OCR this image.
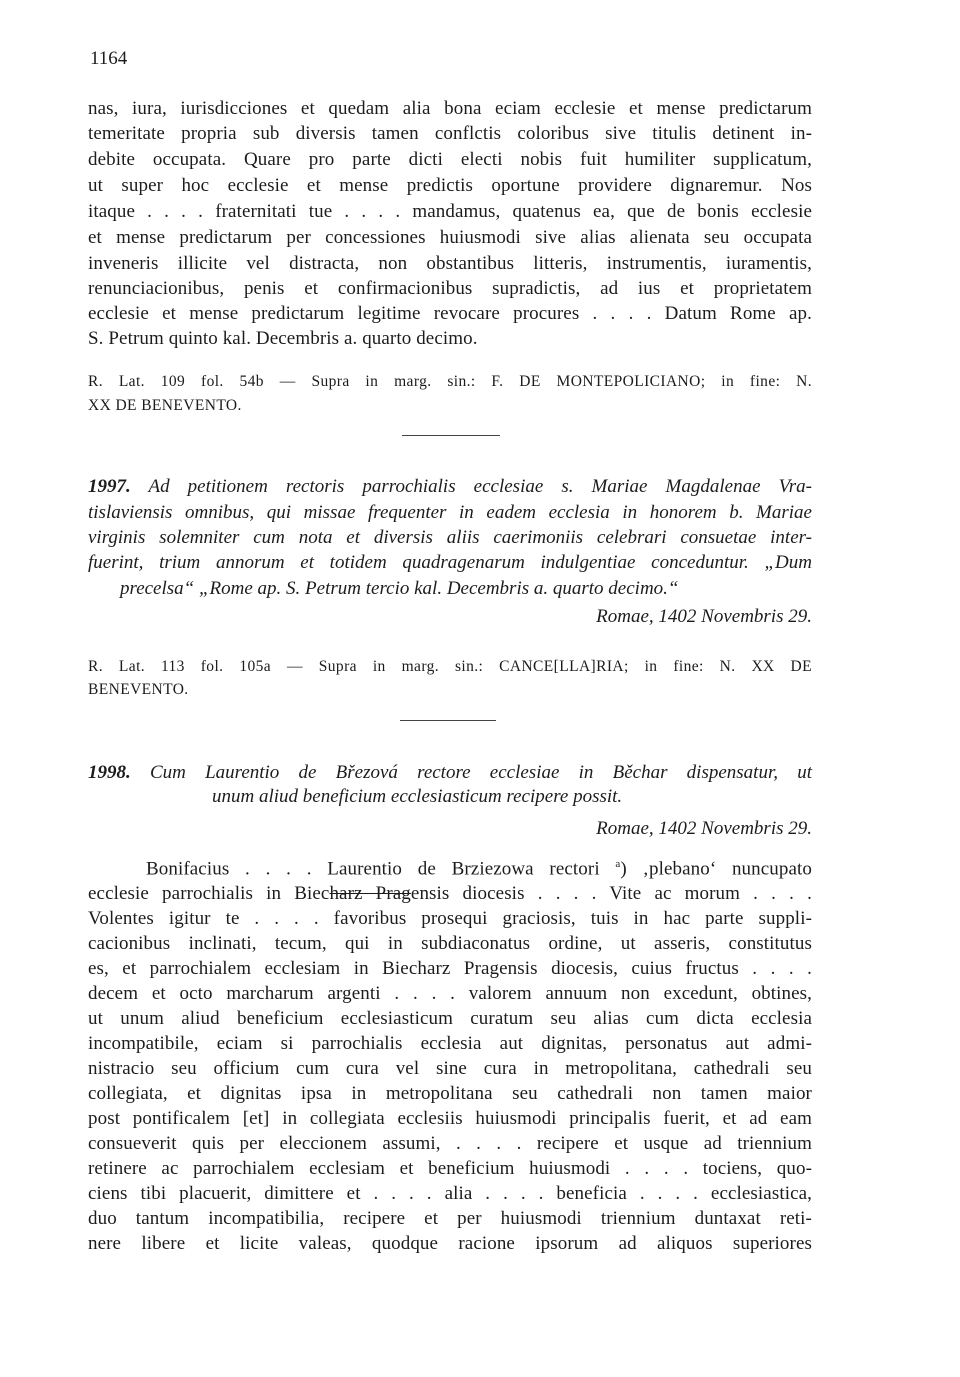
1164
nas, iura, iurisdicciones et quedam alia bona eciam ecclesie et mense predictarum
temeritate propria sub diversis tamen conflctis coloribus sive titulis detinent in-
debite occupata. Quare pro parte dicti electi nobis fuit humiliter supplicatum,
ut super hoc ecclesie et mense predictis oportune providere dignaremur. Nos
itaque . . . . fraternitati tue . . . . mandamus, quatenus ea, que de bonis ecclesie
et mense predictarum per concessiones huiusmodi sive alias alienata seu occupata
inveneris illicite vel distracta, non obstantibus litteris, instrumentis, iuramentis,
renunciacionibus, penis et confirmacionibus supradictis, ad ius et proprietatem
ecclesie et mense predictarum legitime revocare procures . . . . Datum Rome ap.
S. Petrum quinto kal. Decembris a. quarto decimo.
R. Lat. 109 fol. 54b — Supra in marg. sin.: F. DE MONTEPOLICIANO; in fine: N.
XX DE BENEVENTO.
1997. Ad petitionem rectoris parrochialis ecclesiae s. Mariae Magdalenae Vra-
tislaviensis omnibus, qui missae frequenter in eadem ecclesia in honorem b. Mariae
virginis solemniter cum nota et diversis aliis caerimoniis celebrari consuetae inter-
fuerint, trium annorum et totidem quadragenarum indulgentiae conceduntur. „Dum
precelsa“ „Rome ap. S. Petrum tercio kal. Decembris a. quarto decimo.“
Romae, 1402 Novembris 29.
R. Lat. 113 fol. 105a — Supra in marg. sin.: CANCE[LLA]RIA; in fine: N. XX DE
BENEVENTO.
1998. Cum Laurentio de Březová rectore ecclesiae in Běchar dispensatur, ut
unum aliud beneficium ecclesiasticum recipere possit.
Romae, 1402 Novembris 29.
Bonifacius . . . . Laurentio de Brziezowa rectori $^a$) ‚plebano‘ nuncupato
ecclesie parrochialis in Biecharz Pragensis diocesis . . . . Vite ac morum . . . .
Volentes igitur te . . . . favoribus prosequi graciosis, tuis in hac parte suppli-
cacionibus inclinati, tecum, qui in subdiaconatus ordine, ut asseris, constitutus
es, et parrochialem ecclesiam in Biecharz Pragensis diocesis, cuius fructus . . . .
decem et octo marcharum argenti . . . . valorem annuum non excedunt, obtines,
ut unum aliud beneficium ecclesiasticum curatum seu alias cum dicta ecclesia
incompatibile, eciam si parrochialis ecclesia aut dignitas, personatus aut admi-
nistracio seu officium cum cura vel sine cura in metropolitana, cathedrali seu
collegiata, et dignitas ipsa in metropolitana seu cathedrali non tamen maior
post pontificalem [et] in collegiata ecclesiis huiusmodi principalis fuerit, et ad eam
consueverit quis per eleccionem assumi, . . . . recipere et usque ad triennium
retinere ac parrochialem ecclesiam et beneficium huiusmodi . . . . tociens, quo-
ciens tibi placuerit, dimittere et . . . . alia . . . . beneficia . . . . ecclesiastica,
duo tantum incompatibilia, recipere et per huiusmodi triennium duntaxat reti-
nere libere et licite valeas, quodque racione ipsorum ad aliquos superiores
